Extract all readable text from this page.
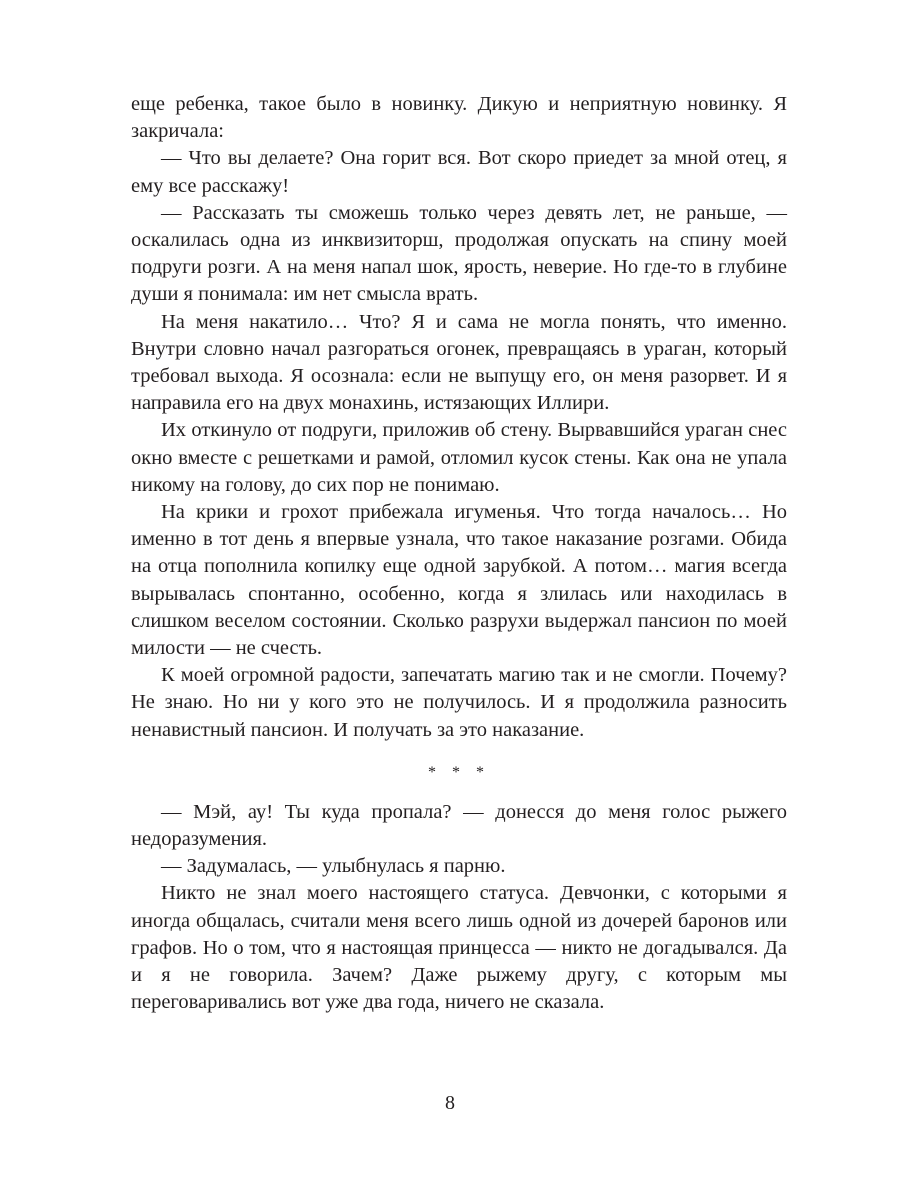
еще ребенка, такое было в новинку. Дикую и неприятную новинку. Я закричала:

— Что вы делаете? Она горит вся. Вот скоро приедет за мной отец, я ему все расскажу!

— Рассказать ты сможешь только через девять лет, не раньше, — оскалилась одна из инквизиторш, продолжая опускать на спину моей подруги розги. А на меня напал шок, ярость, неверие. Но где-то в глубине души я понимала: им нет смысла врать.

На меня накатило… Что? Я и сама не могла понять, что именно. Внутри словно начал разгораться огонек, превращаясь в ураган, который требовал выхода. Я осознала: если не выпущу его, он меня разорвет. И я направила его на двух монахинь, истязающих Иллири.

Их откинуло от подруги, приложив об стену. Вырвавшийся ураган снес окно вместе с решетками и рамой, отломил кусок стены. Как она не упала никому на голову, до сих пор не понимаю.

На крики и грохот прибежала игуменья. Что тогда началось… Но именно в тот день я впервые узнала, что такое наказание розгами. Обида на отца пополнила копилку еще одной зарубкой. А потом… магия всегда вырывалась спонтанно, особенно, когда я злилась или находилась в слишком веселом состоянии. Сколько разрухи выдержал пансион по моей милости — не счесть.

К моей огромной радости, запечатать магию так и не смогли. Почему? Не знаю. Но ни у кого это не получилось. И я продолжила разносить ненавистный пансион. И получать за это наказание.

* * *

— Мэй, ау! Ты куда пропала? — донесся до меня голос рыжего недоразумения.

— Задумалась, — улыбнулась я парню.

Никто не знал моего настоящего статуса. Девчонки, с которыми я иногда общалась, считали меня всего лишь одной из дочерей баронов или графов. Но о том, что я настоящая принцесса — никто не догадывался. Да и я не говорила. Зачем? Даже рыжему другу, с которым мы переговаривались вот уже два года, ничего не сказала.

8
